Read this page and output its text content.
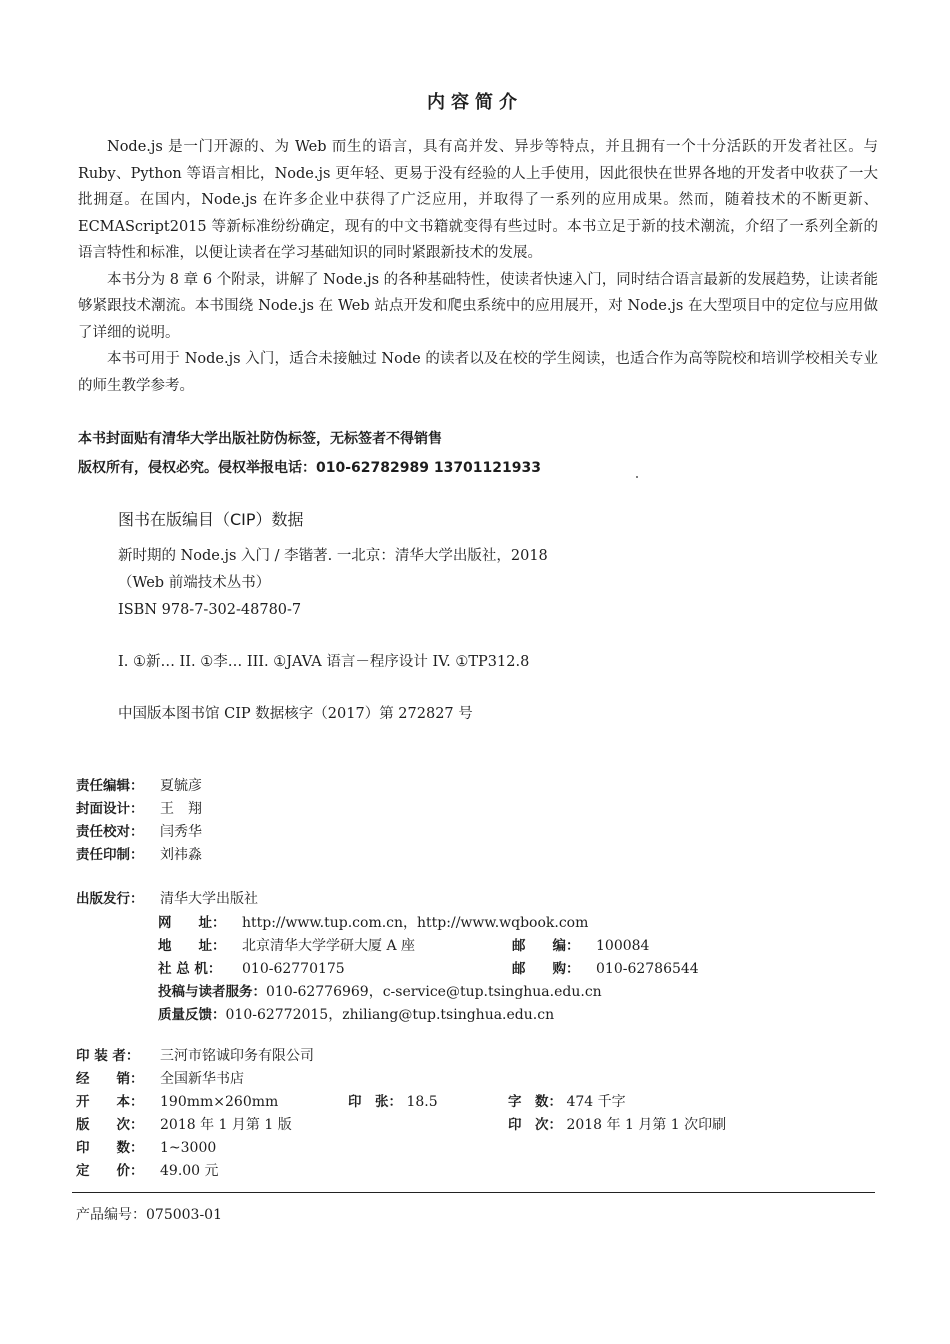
内容简介

Node.js 是一门开源的、为 Web 而生的语言，具有高并发、异步等特点，并且拥有一个十分活跃的开发者社区。与 Ruby、Python 等语言相比，Node.js 更年轻、更易于没有经验的人上手使用，因此很快在世界各地的开发者中收获了一大批拥趸。在国内，Node.js 在许多企业中获得了广泛应用，并取得了一系列的应用成果。然而，随着技术的不断更新、ECMAScript2015 等新标准纷纷确定，现有的中文书籍就变得有些过时。本书立足于新的技术潮流，介绍了一系列全新的语言特性和标准，以便让读者在学习基础知识的同时紧跟新技术的发展。

本书分为 8 章 6 个附录，讲解了 Node.js 的各种基础特性，使读者快速入门，同时结合语言最新的发展趋势，让读者能够紧跟技术潮流。本书围绕 Node.js 在 Web 站点开发和爬虫系统中的应用展开，对 Node.js 在大型项目中的定位与应用做了详细的说明。

本书可用于 Node.js 入门，适合未接触过 Node 的读者以及在校的学生阅读，也适合作为高等院校和培训学校相关专业的师生教学参考。

本书封面贴有清华大学出版社防伪标签，无标签者不得销售
版权所有，侵权必究。侵权举报电话：010-62782989 13701121933
图书在版编目（CIP）数据
新时期的 Node.js 入门 / 李锴著. 一北京：清华大学出版社，2018
（Web 前端技术丛书）
ISBN 978-7-302-48780-7
I. ①新… II. ①李… III. ①JAVA 语言－程序设计 IV. ①TP312.8
中国版本图书馆 CIP 数据核字（2017）第 272827 号
责任编辑：	夏毓彦
封面设计：	王　翔
责任校对：	闫秀华
责任印制：	刘祎淼
出版发行：	清华大学出版社
网　　址：	http://www.tup.com.cn，http://www.wqbook.com
地　　址：	北京清华大学学研大厦 A 座	邮　　编：	100084
社 总 机：	010-62770175	邮　　购：	010-62786544
投稿与读者服务： 010-62776969，c-service@tup.tsinghua.edu.cn
质量反馈： 010-62772015，zhiliang@tup.tsinghua.edu.cn
印 装 者：	三河市铭诚印务有限公司
经　　销：	全国新华书店
开　　本：	190mm×260mm	印　张： 18.5	字　数： 474 千字
版　　次：	2018 年 1 月第 1 版	印　次： 2018 年 1 月第 1 次印刷
印　　数：	1~3000
定　　价：	49.00 元
产品编号：075003-01
